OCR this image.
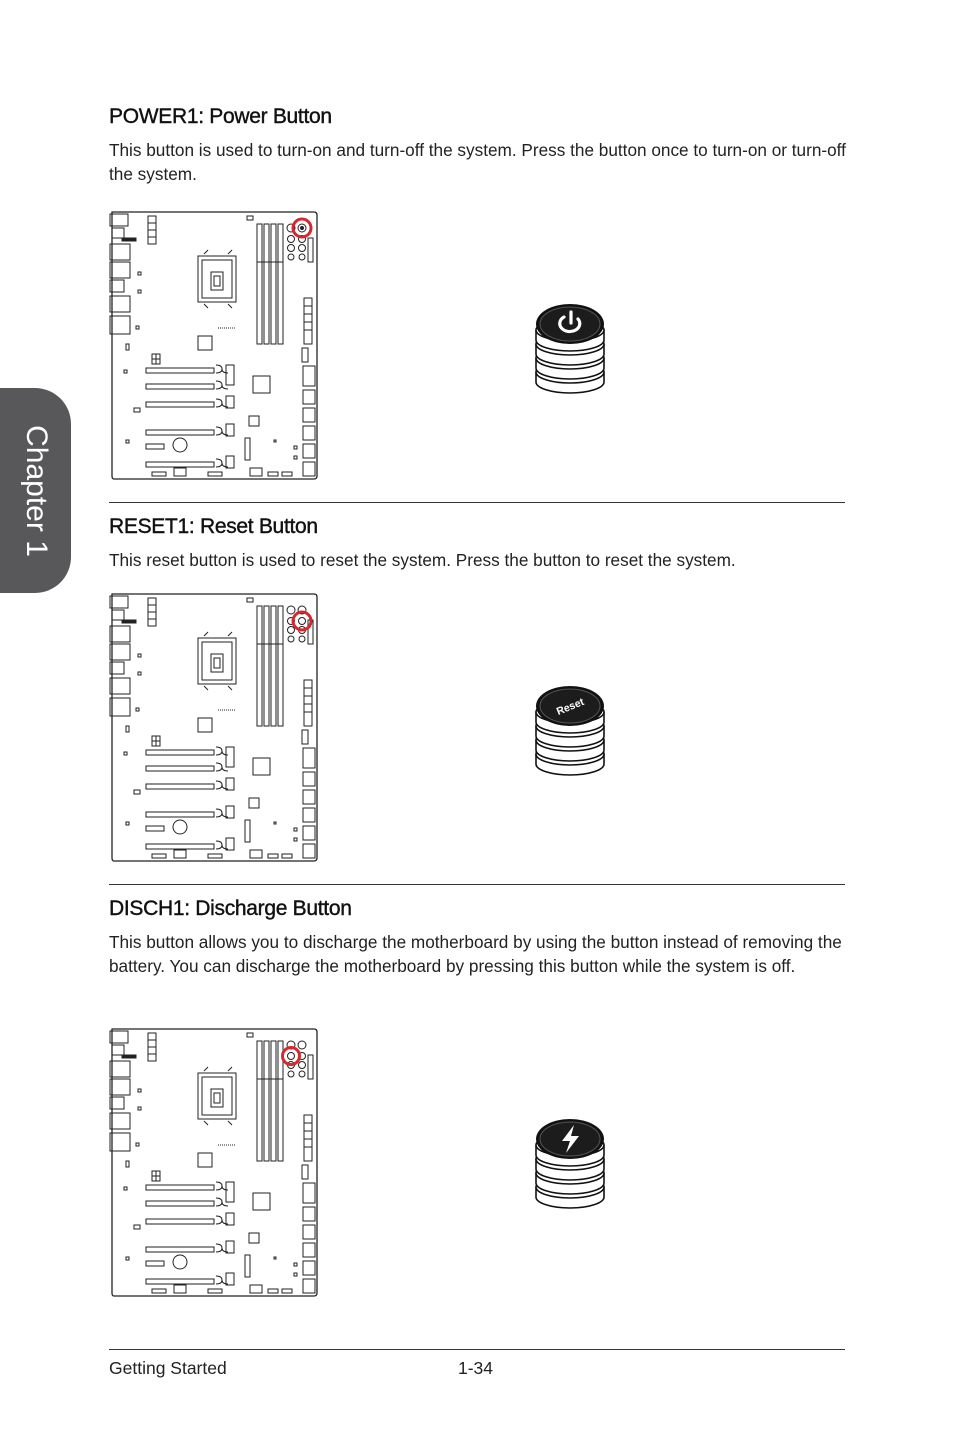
Chapter 1
POWER1: Power Button

This button is used to turn-on and turn-off the system. Press the button once to turn-on or turn-off the system.

RESET1: Reset Button

This reset button is used to reset the system. Press the button to reset the system.

Reset
DISCH1: Discharge Button

This button allows you to discharge the motherboard by using the button instead of removing the battery. You can discharge the motherboard by pressing this button while the system is off.

Getting Started	1-34
